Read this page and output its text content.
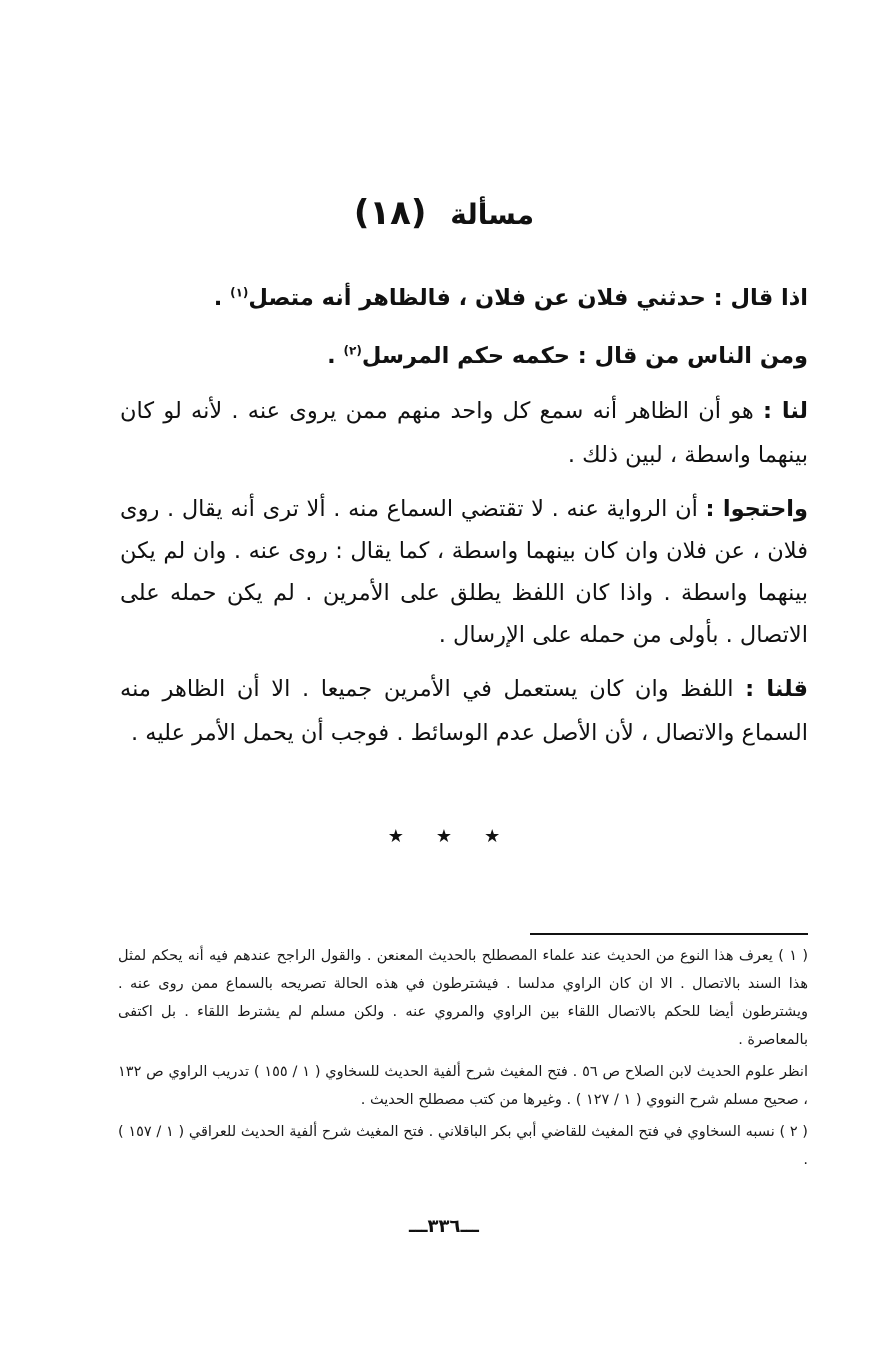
مسألة (١٨)
اذا قال : حدثني فلان عن فلان ، فالظاهر أنه متصل$^{(١)}$ .
ومن الناس من قال : حكمه حكم المرسل$^{(٢)}$ .
لنا : هو أن الظاهر أنه سمع كل واحد منهم ممن يروى عنه . لأنه لو كان بينهما واسطة ، لبين ذلك .
واحتجوا : أن الرواية عنه . لا تقتضي السماع منه . ألا ترى أنه يقال . روى فلان ، عن فلان وان كان بينهما واسطة ، كما يقال : روى عنه . وان لم يكن بينهما واسطة . واذا كان اللفظ يطلق على الأمرين . لم يكن حمله على الاتصال . بأولى من حمله على الإرسال .
قلنا : اللفظ وان كان يستعمل في الأمرين جميعا . الا أن الظاهر منه السماع والاتصال ، لأن الأصل عدم الوسائط . فوجب أن يحمل الأمر عليه .
★ ★ ★

( ١ ) يعرف هذا النوع من الحديث عند علماء المصطلح بالحديث المعنعن . والقول الراجح عندهم فيه أنه يحكم لمثل هذا السند بالاتصال . الا ان كان الراوي مدلسا . فيشترطون في هذه الحالة تصريحه بالسماع ممن روى عنه . ويشترطون أيضا للحكم بالاتصال اللقاء بين الراوي والمروي عنه . ولكن مسلم لم يشترط اللقاء . بل اكتفى بالمعاصرة .

انظر علوم الحديث لابن الصلاح ص ٥٦ . فتح المغيث شرح ألفية الحديث للسخاوي ( ١ / ١٥٥ ) تدريب الراوي ص ١٣٢ ، صحيح مسلم شرح النووي ( ١ / ١٢٧ ) . وغيرها من كتب مصطلح الحديث .

( ٢ ) نسبه السخاوي في فتح المغيث للقاضي أبي بكر الباقلاني . فتح المغيث شرح ألفية الحديث للعراقي ( ١ / ١٥٧ ) .

ـــ٣٣٦ـــ
